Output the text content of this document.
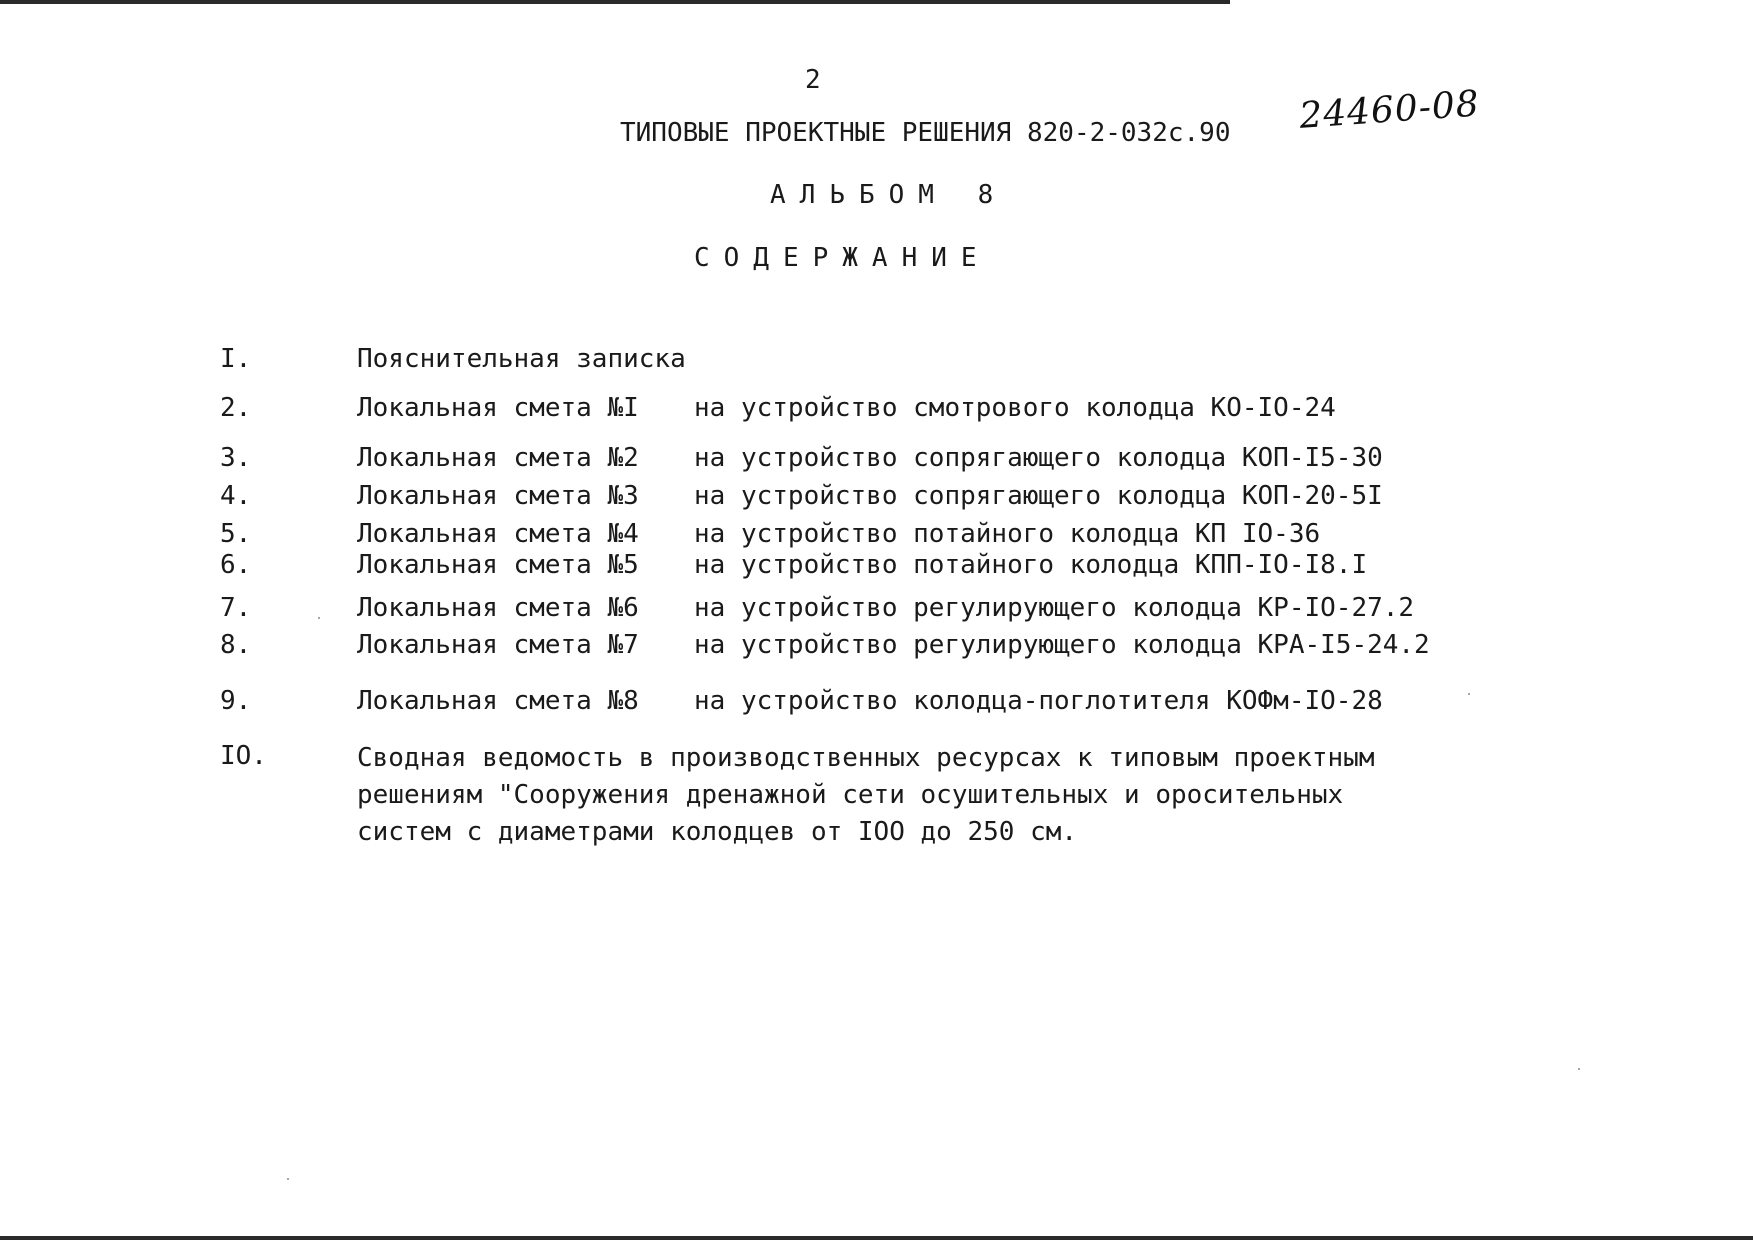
2
ТИПОВЫЕ ПРОЕКТНЫЕ РЕШЕНИЯ 820-2-032с.90 24460-08
АЛЬБОМ 8
СОДЕРЖАНИЕ
I.	Пояснительная записка
2.	Локальная смета №I на устройство смотрового колодца КО-IО-24
3.	Локальная смета №2 на устройство сопрягающего колодца КОП-I5-30
4.	Локальная смета №3 на устройство сопрягающего колодца КОП-20-5I
5.	Локальная смета №4 на устройство потайного колодца КП IО-36
6.	Локальная смета №5 на устройство потайного колодца КПП-IО-I8.I
7.	Локальная смета №6 на устройство регулирующего колодца КР-IО-27.2
8.	Локальная смета №7 на устройство регулирующего колодца КРА-I5-24.2
9.	Локальная смета №8 на устройство колодца-поглотителя КОФм-IО-28
IО.	Сводная ведомость в производственных ресурсах к типовым проектным
решениям "Сооружения дренажной сети осушительных и оросительных
систем с диаметрами колодцев от IОО до 250 см.
